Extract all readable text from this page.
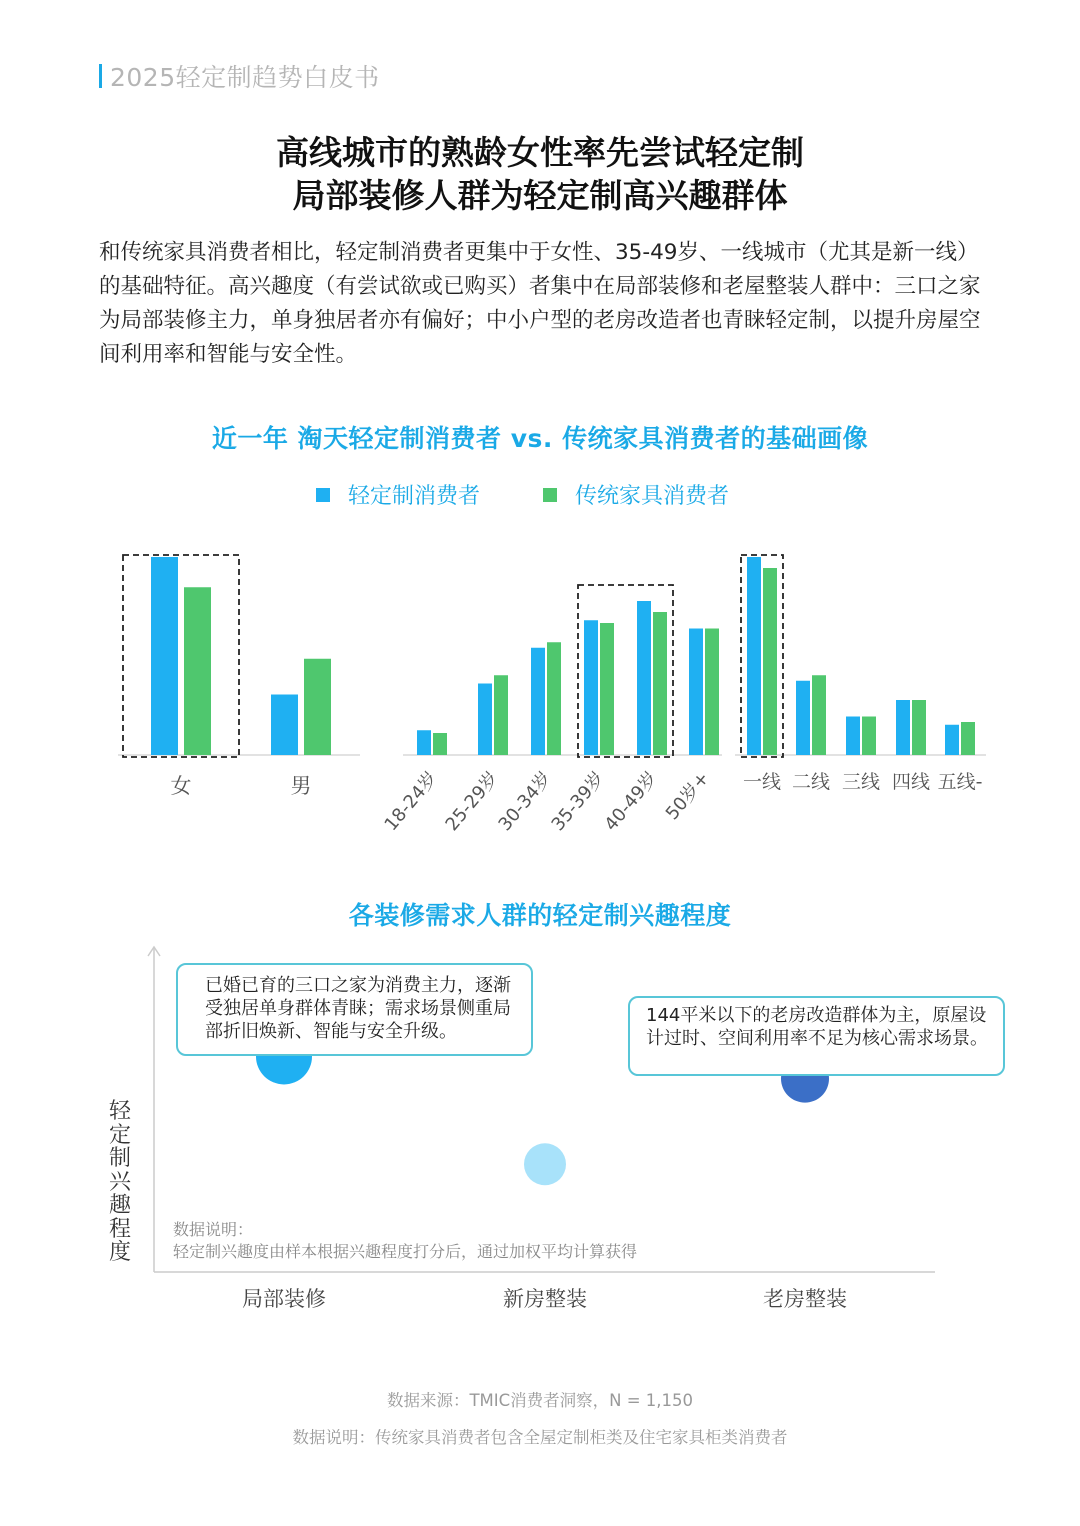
2025轻定制趋势白皮书
高线城市的熟龄女性率先尝试轻定制
局部装修人群为轻定制高兴趣群体
和传统家具消费者相比，轻定制消费者更集中于女性、35-49岁、一线城市（尤其是新一线）的基础特征。高兴趣度（有尝试欲或已购买）者集中在局部装修和老屋整装人群中：三口之家为局部装修主力，单身独居者亦有偏好；中小户型的老房改造者也青睐轻定制，以提升房屋空间利用率和智能与安全性。
近一年 淘天轻定制消费者 vs. 传统家具消费者的基础画像
轻定制消费者	传统家具消费者
女	男	18-24岁 25-29岁
30-34岁
35-39岁
40-49岁 50岁+ 一线 二线 三线 四线 五线-
各装修需求人群的轻定制兴趣程度
局部装修	新房整装	老房整装
轻定制兴趣程度
已婚已育的三口之家为消费主力，逐渐受独居单身群体青睐；需求场景侧重局部折旧焕新、智能与安全升级。
144平米以下的老房改造群体为主，原屋设计过时、空间利用率不足为核心需求场景。
数据说明：
轻定制兴趣度由样本根据兴趣程度打分后，通过加权平均计算获得
数据来源：TMIC消费者洞察，N = 1,150
数据说明：传统家具消费者包含全屋定制柜类及住宅家具柜类消费者
